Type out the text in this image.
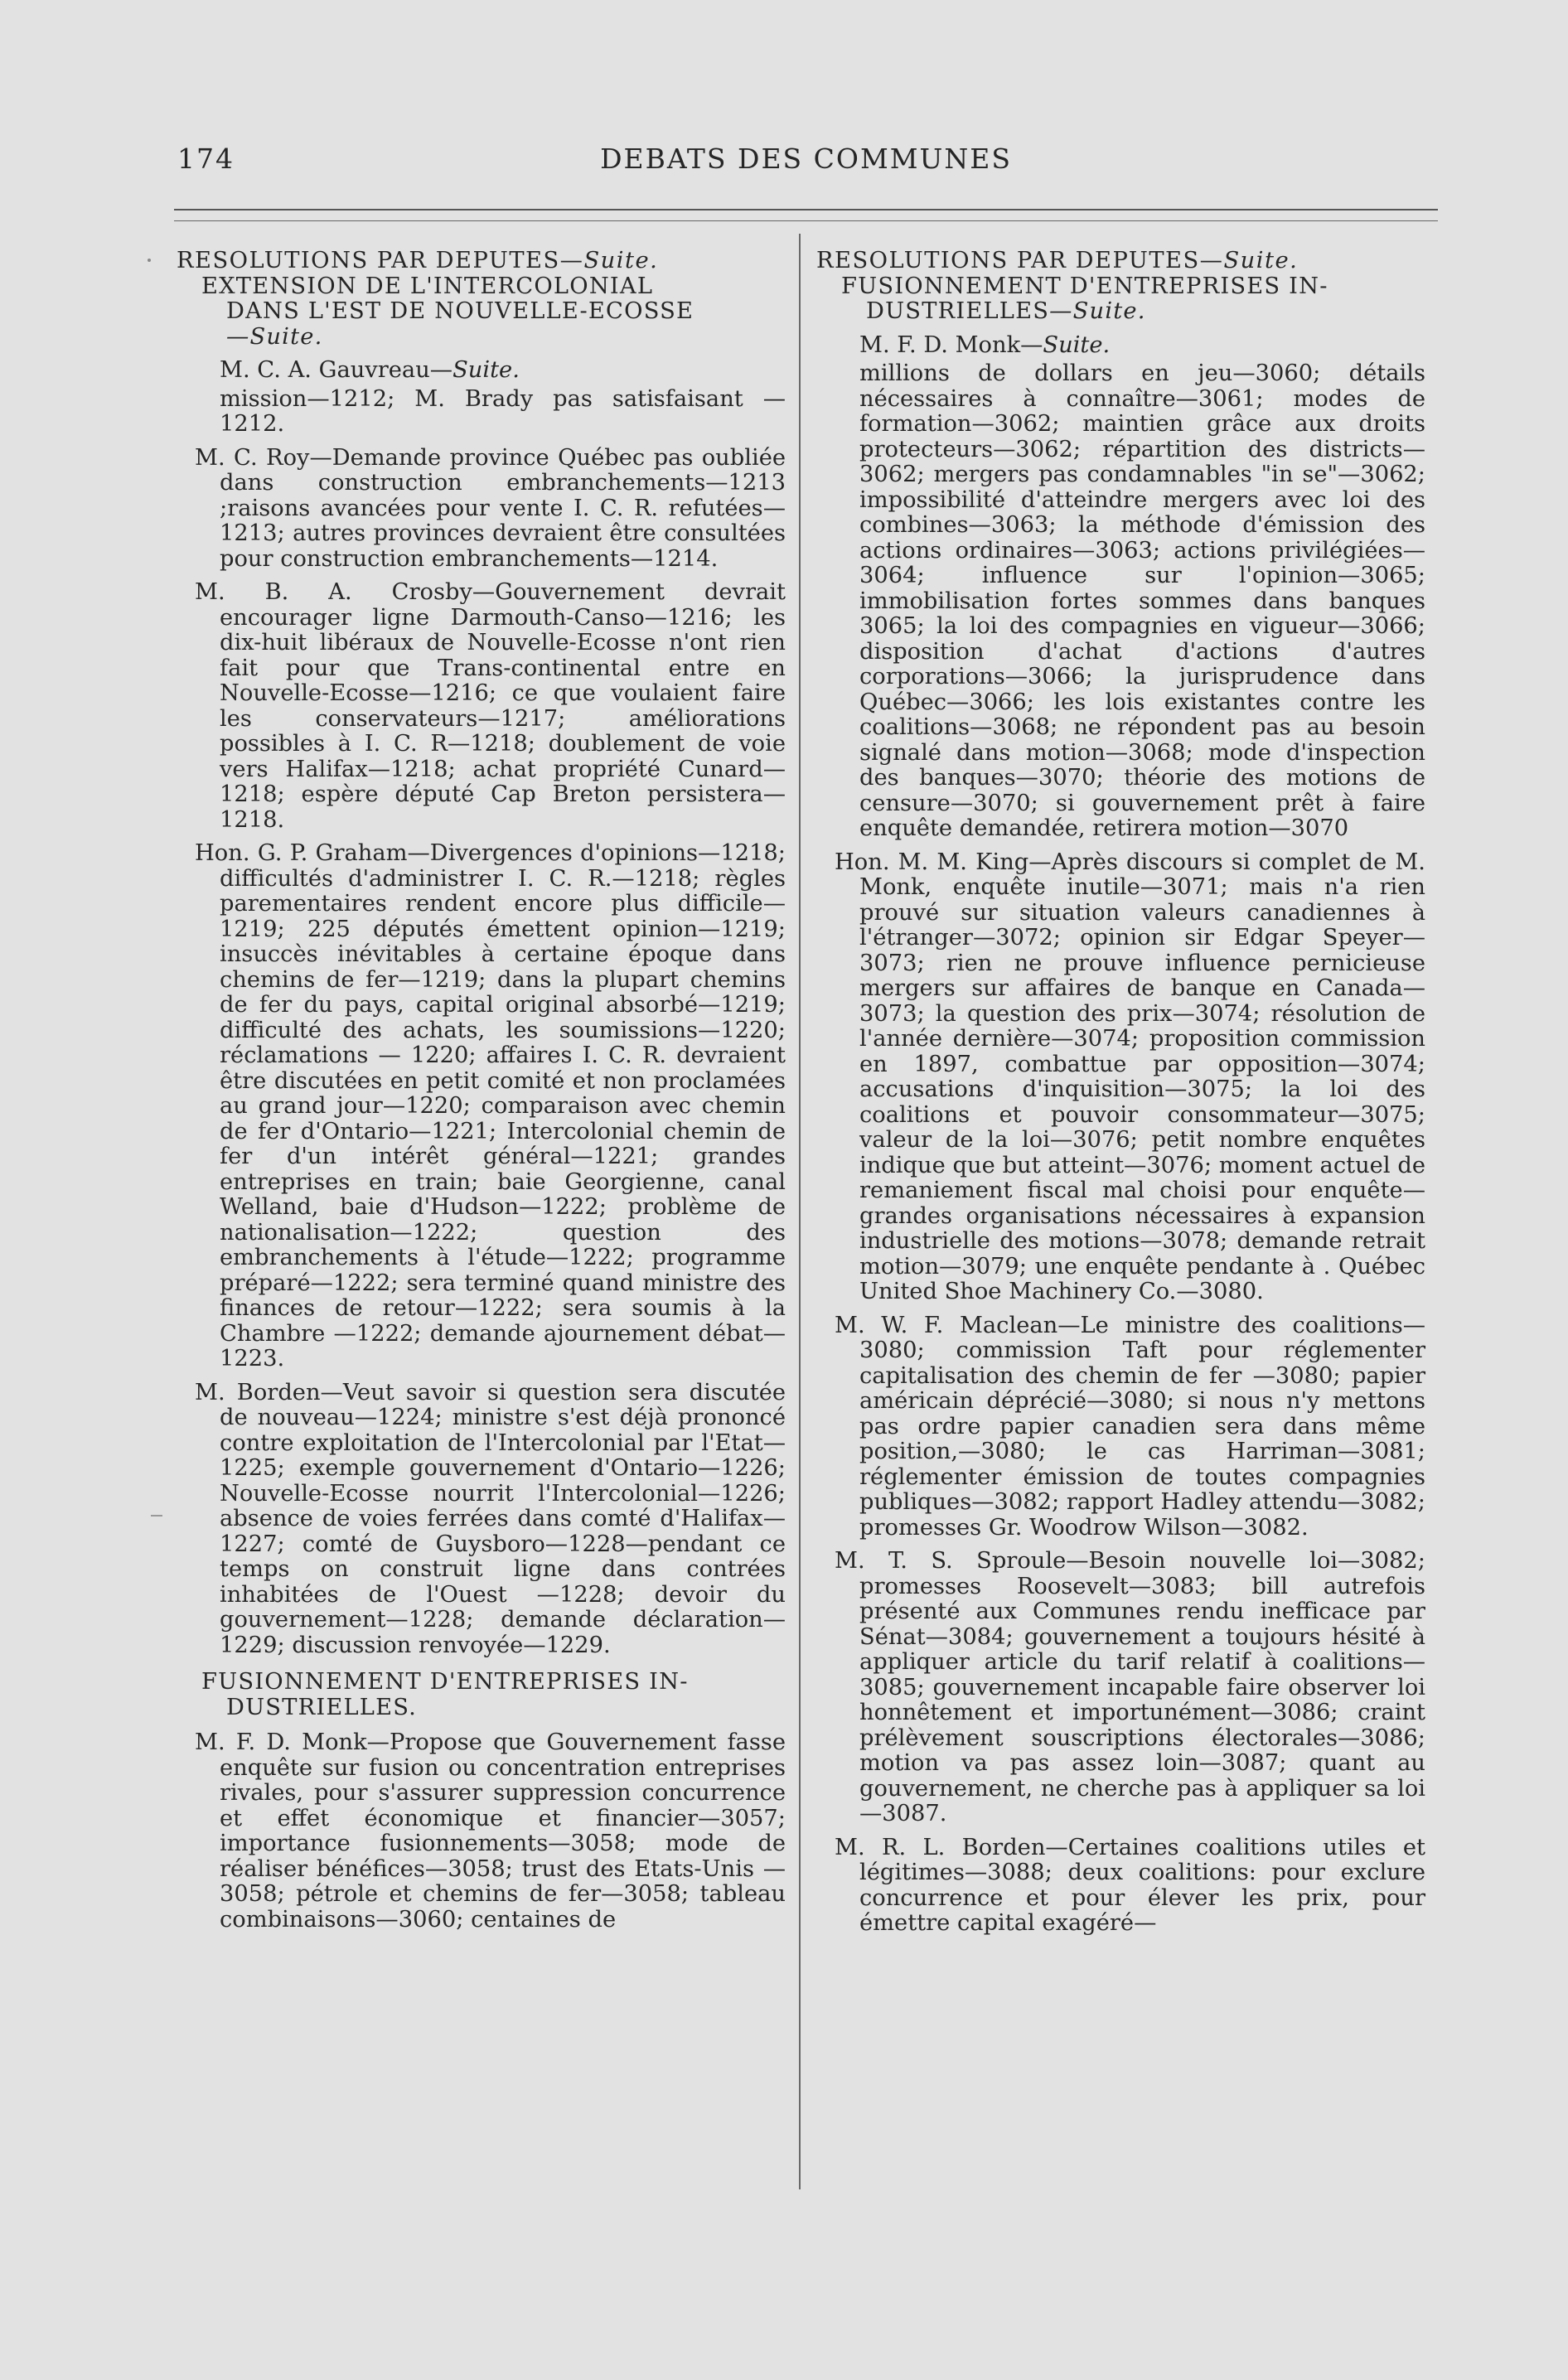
174	DEBATS DES COMMUNES

RESOLUTIONS PAR DEPUTES—Suite.

EXTENSION DE L'INTERCOLONIAL
DANS L'EST DE NOUVELLE-ECOSSE
—Suite.

M. C. A. Gauvreau—Suite.

mission—1212; M. Brady pas satisfaisant —1212.

M. C. Roy—Demande province Québec pas oubliée dans construction embranchements—1213 ;raisons avancées pour vente I. C. R. refutées—1213; autres provinces devraient être consultées pour construction embranchements—1214.

M. B. A. Crosby—Gouvernement devrait encourager ligne Darmouth-Canso—1216; les dix-huit libéraux de Nouvelle-Ecosse n'ont rien fait pour que Trans-continental entre en Nouvelle-Ecosse—1216; ce que voulaient faire les conservateurs—1217; améliorations possibles à I. C. R—1218; doublement de voie vers Halifax—1218; achat propriété Cunard—1218; espère député Cap Breton persistera—1218.

Hon. G. P. Graham—Divergences d'opinions—1218; difficultés d'administrer I. C. R.—1218; règles parementaires rendent encore plus difficile—1219; 225 députés émettent opinion—1219; insuccès inévitables à certaine époque dans chemins de fer—1219; dans la plupart chemins de fer du pays, capital original absorbé—1219; difficulté des achats, les soumissions—1220; réclamations — 1220; affaires I. C. R. devraient être discutées en petit comité et non proclamées au grand jour—1220; comparaison avec chemin de fer d'Ontario—1221; Intercolonial chemin de fer d'un intérêt général—1221; grandes entreprises en train; baie Georgienne, canal Welland, baie d'Hudson—1222; problème de nationalisation—1222; question des embranchements à l'étude—1222; programme préparé—1222; sera terminé quand ministre des finances de retour—1222; sera soumis à la Chambre —1222; demande ajournement débat—1223.

M. Borden—Veut savoir si question sera discutée de nouveau—1224; ministre s'est déjà prononcé contre exploitation de l'Intercolonial par l'Etat—1225; exemple gouvernement d'Ontario—1226; Nouvelle-Ecosse nourrit l'Intercolonial—1226; absence de voies ferrées dans comté d'Halifax—1227; comté de Guysboro—1228—pendant ce temps on construit ligne dans contrées inhabitées de l'Ouest —1228; devoir du gouvernement—1228; demande déclaration—1229; discussion renvoyée—1229.

FUSIONNEMENT D'ENTREPRISES IN-
DUSTRIELLES.

M. F. D. Monk—Propose que Gouvernement fasse enquête sur fusion ou concentration entreprises rivales, pour s'assurer suppression concurrence et effet économique et financier—3057; importance fusionnements—3058; mode de réaliser bénéfices—3058; trust des Etats-Unis —3058; pétrole et chemins de fer—3058; tableau combinaisons—3060; centaines de

RESOLUTIONS PAR DEPUTES—Suite.

FUSIONNEMENT D'ENTREPRISES IN-
DUSTRIELLES—Suite.

M. F. D. Monk—Suite.

millions de dollars en jeu—3060; détails nécessaires à connaître—3061; modes de formation—3062; maintien grâce aux droits protecteurs—3062; répartition des districts—3062; mergers pas condamnables "in se"—3062; impossibilité d'atteindre mergers avec loi des combines—3063; la méthode d'émission des actions ordinaires—3063; actions privilégiées—3064; influence sur l'opinion—3065; immobilisation fortes sommes dans banques 3065; la loi des compagnies en vigueur—3066; disposition d'achat d'actions d'autres corporations—3066; la jurisprudence dans Québec—3066; les lois existantes contre les coalitions—3068; ne répondent pas au besoin signalé dans motion—3068; mode d'inspection des banques—3070; théorie des motions de censure—3070; si gouvernement prêt à faire enquête demandée, retirera motion—3070

Hon. M. M. King—Après discours si complet de M. Monk, enquête inutile—3071; mais n'a rien prouvé sur situation valeurs canadiennes à l'étranger—3072; opinion sir Edgar Speyer—3073; rien ne prouve influence pernicieuse mergers sur affaires de banque en Canada—3073; la question des prix—3074; résolution de l'année dernière—3074; proposition commission en 1897, combattue par opposition—3074; accusations d'inquisition—3075; la loi des coalitions et pouvoir consommateur—3075; valeur de la loi—3076; petit nombre enquêtes indique que but atteint—3076; moment actuel de remaniement fiscal mal choisi pour enquête—grandes organisations nécessaires à expansion industrielle des motions—3078; demande retrait motion—3079; une enquête pendante à . Québec United Shoe Machinery Co.—3080.

M. W. F. Maclean—Le ministre des coalitions—3080; commission Taft pour réglementer capitalisation des chemin de fer —3080; papier américain déprécié—3080; si nous n'y mettons pas ordre papier canadien sera dans même position,—3080; le cas Harriman—3081; réglementer émission de toutes compagnies publiques—3082; rapport Hadley attendu—3082; promesses Gr. Woodrow Wilson—3082.

M. T. S. Sproule—Besoin nouvelle loi—3082; promesses Roosevelt—3083; bill autrefois présenté aux Communes rendu inefficace par Sénat—3084; gouvernement a toujours hésité à appliquer article du tarif relatif à coalitions—3085; gouvernement incapable faire observer loi honnêtement et importunément—3086; craint prélèvement souscriptions électorales—3086; motion va pas assez loin—3087; quant au gouvernement, ne cherche pas à appliquer sa loi—3087.

M. R. L. Borden—Certaines coalitions utiles et légitimes—3088; deux coalitions: pour exclure concurrence et pour élever les prix, pour émettre capital exagéré—
